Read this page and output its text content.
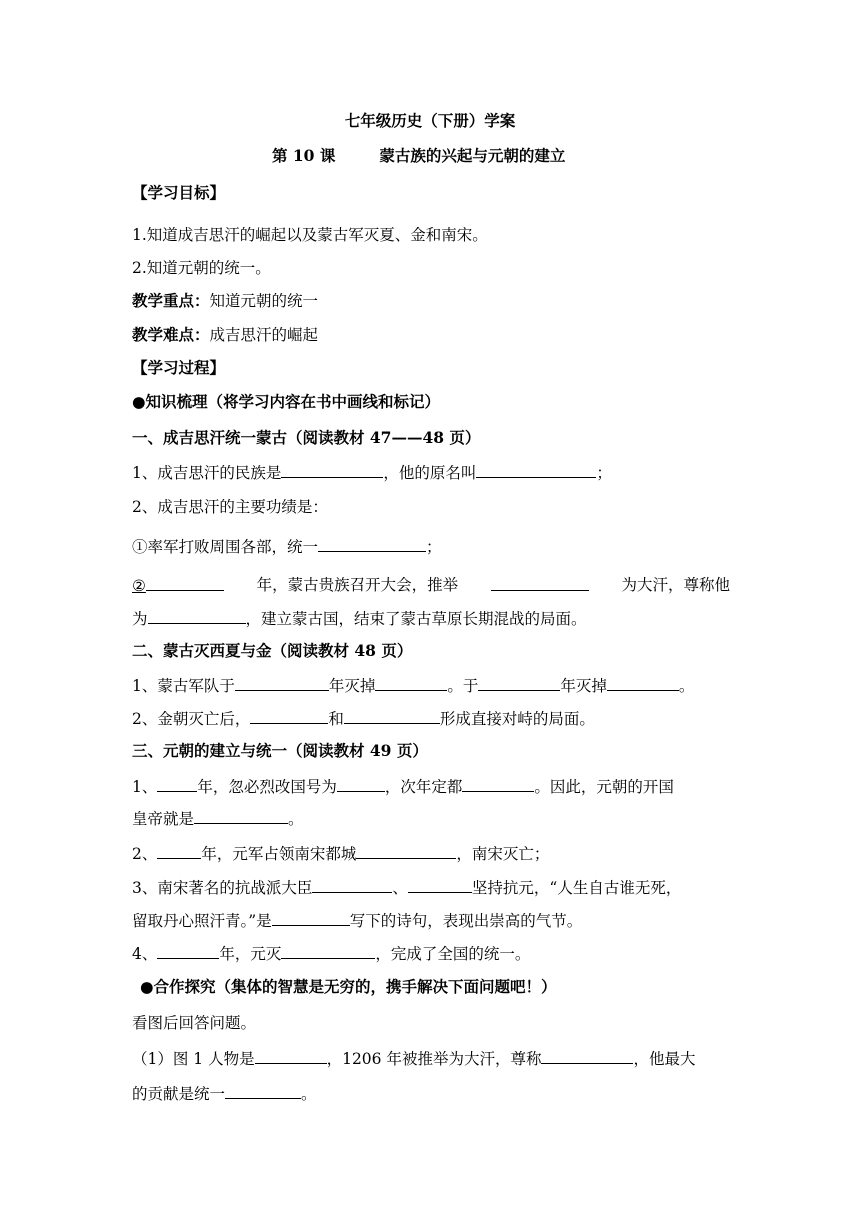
七年级历史（下册）学案
第 10 课	蒙古族的兴起与元朝的建立
【学习目标】
1.知道成吉思汗的崛起以及蒙古军灭夏、金和南宋。
2.知道元朝的统一。
教学重点：知道元朝的统一
教学难点：成吉思汗的崛起
【学习过程】
●知识梳理（将学习内容在书中画线和标记）
一、成吉思汗统一蒙古（阅读教材 47——48 页）
1、成吉思汗的民族是	，他的原名叫	；
2、成吉思汗的主要功绩是：
①率军打败周围各部，统一	；
②	年，蒙古贵族召开大会，推举	为大汗，尊称他
为	，建立蒙古国，结束了蒙古草原长期混战的局面。
二、蒙古灭西夏与金（阅读教材 48 页）
1、蒙古军队于	年灭掉	。于	年灭掉	。
2、金朝灭亡后，	和	形成直接对峙的局面。
三、元朝的建立与统一（阅读教材 49 页）
1、	年，忽必烈改国号为	，次年定都	。因此，元朝的开国
皇帝就是	。
2、	年，元军占领南宋都城	，南宋灭亡；
3、南宋著名的抗战派大臣	、	坚持抗元，“人生自古谁无死，
留取丹心照汗青。”是	写下的诗句，表现出崇高的气节。
4、	年，元灭	，完成了全国的统一。
●合作探究（集体的智慧是无穷的，携手解决下面问题吧！）
看图后回答问题。
（1）图 1 人物是	，1206 年被推举为大汗，尊称	，他最大
的贡献是统一	。
